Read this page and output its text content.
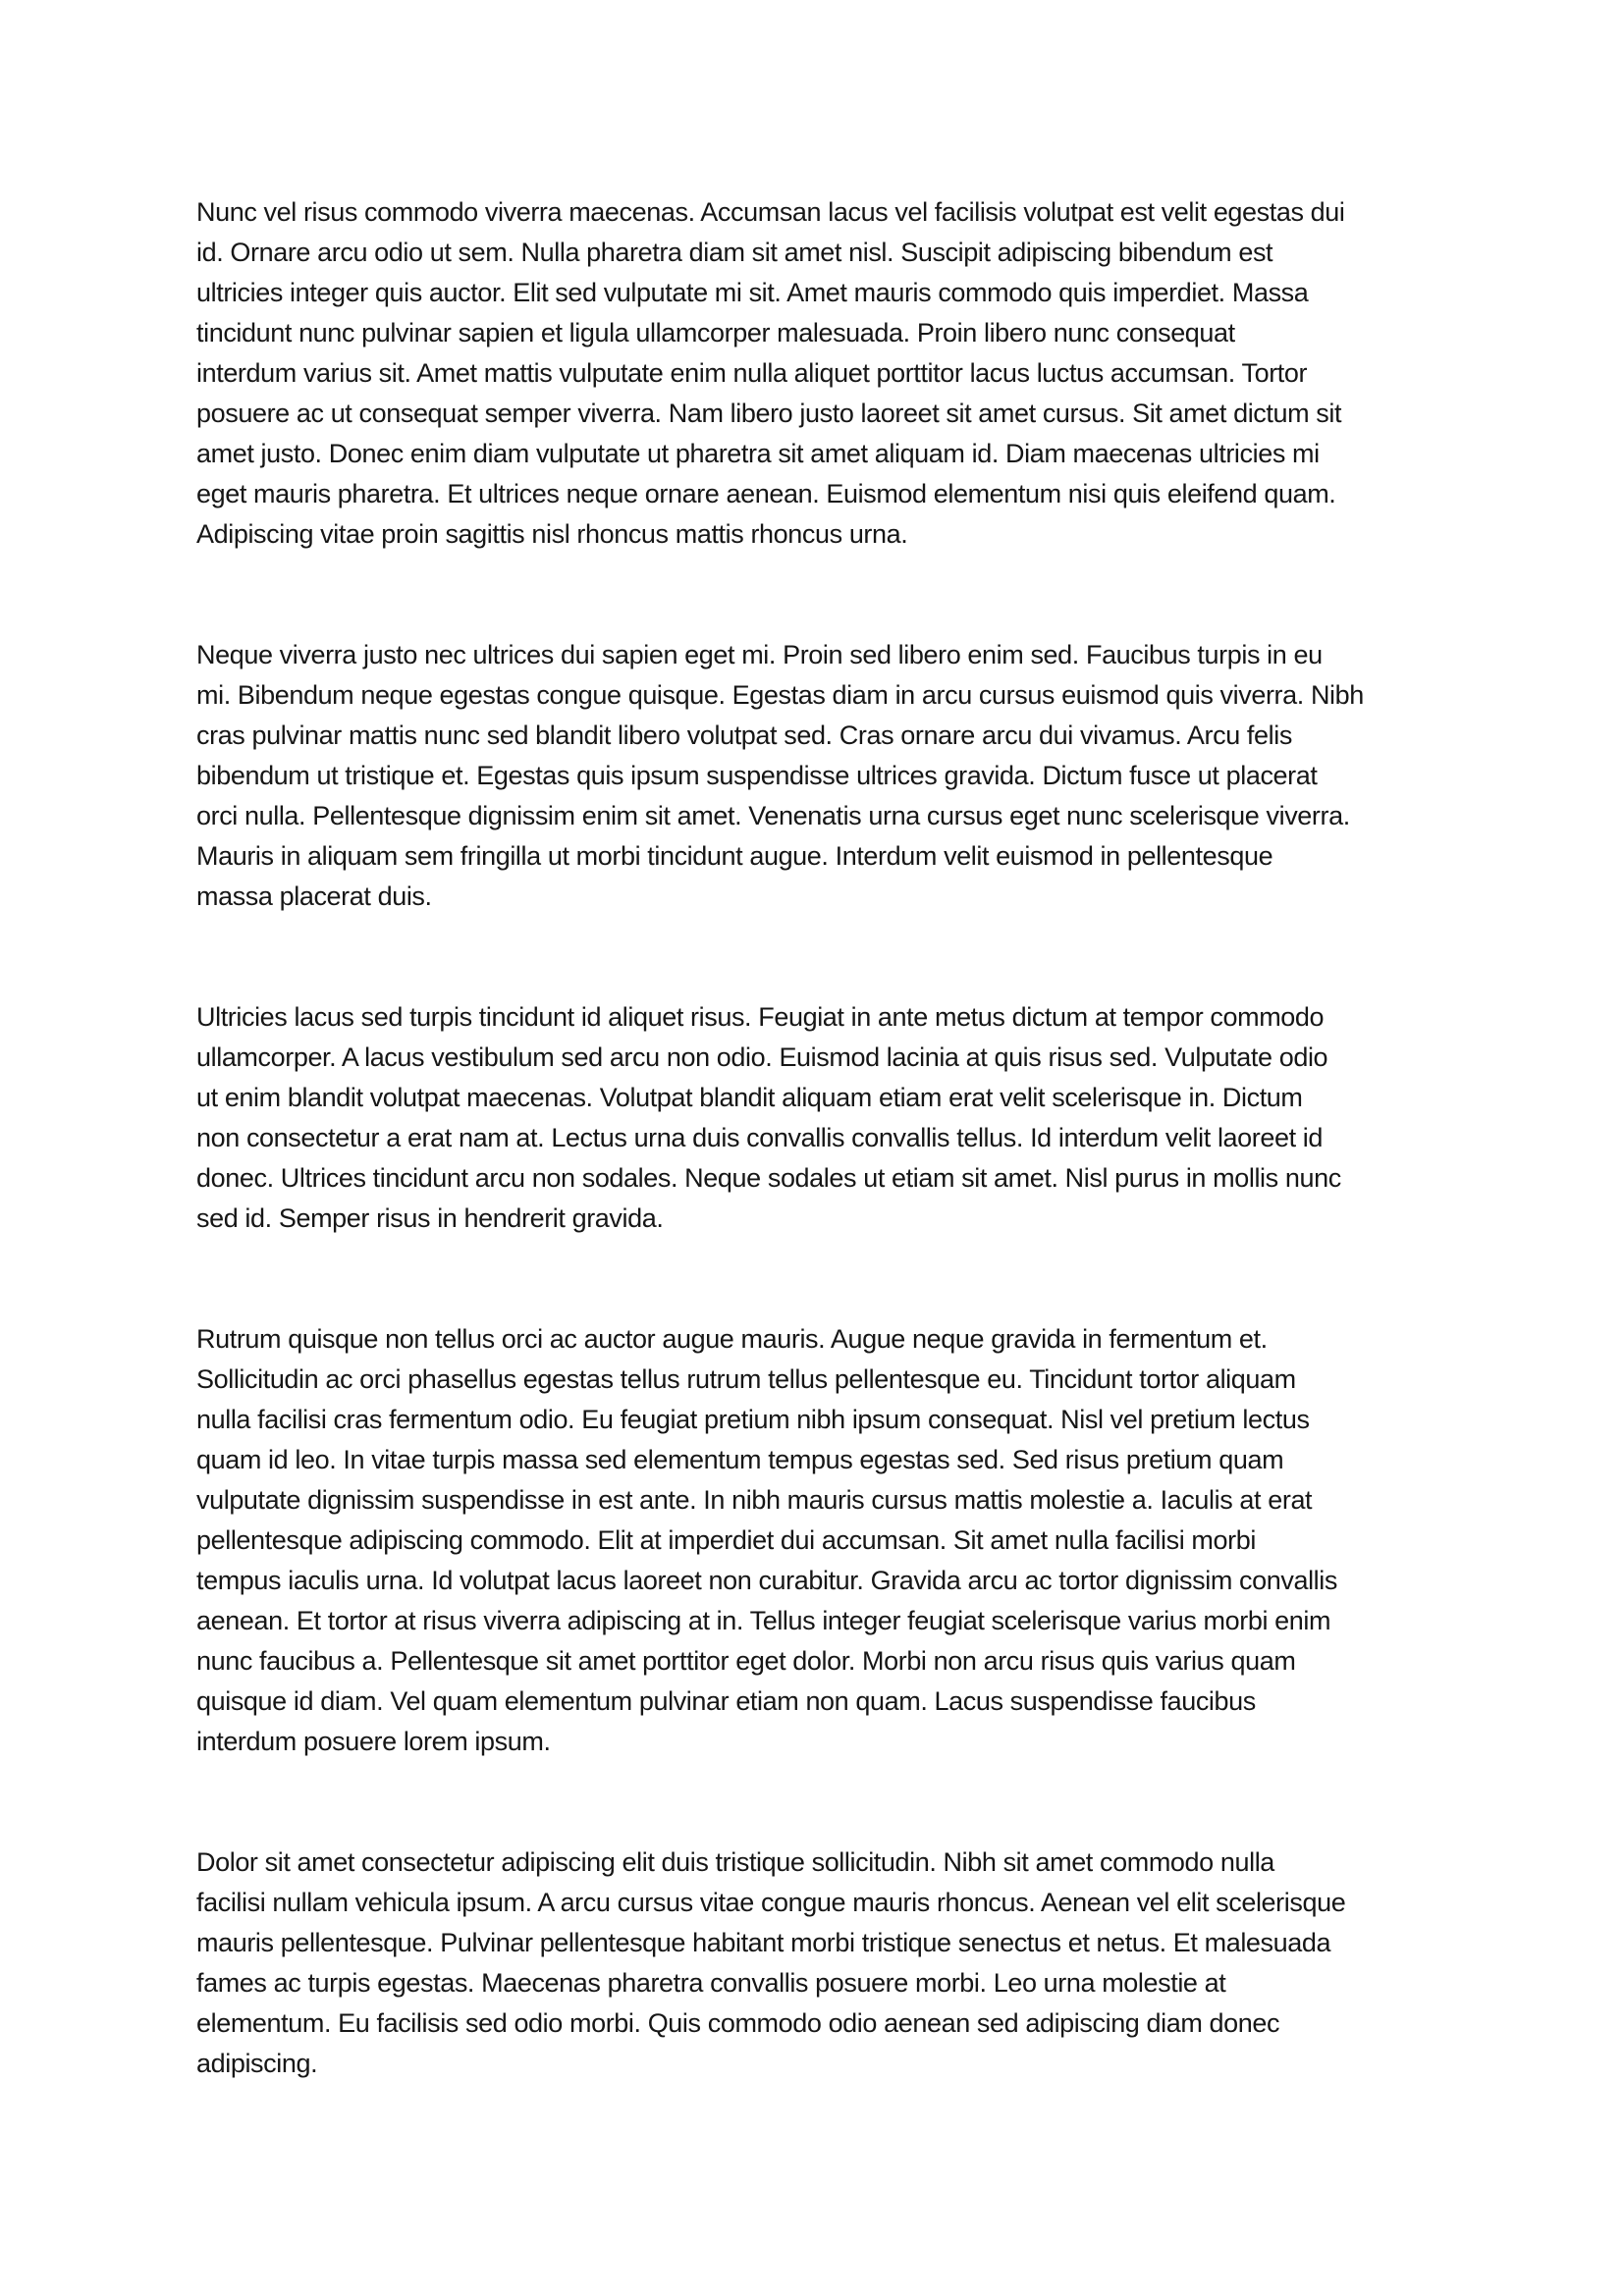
Nunc vel risus commodo viverra maecenas. Accumsan lacus vel facilisis volutpat est velit egestas dui
id. Ornare arcu odio ut sem. Nulla pharetra diam sit amet nisl. Suscipit adipiscing bibendum est
ultricies integer quis auctor. Elit sed vulputate mi sit. Amet mauris commodo quis imperdiet. Massa
tincidunt nunc pulvinar sapien et ligula ullamcorper malesuada. Proin libero nunc consequat
interdum varius sit. Amet mattis vulputate enim nulla aliquet porttitor lacus luctus accumsan. Tortor
posuere ac ut consequat semper viverra. Nam libero justo laoreet sit amet cursus. Sit amet dictum sit
amet justo. Donec enim diam vulputate ut pharetra sit amet aliquam id. Diam maecenas ultricies mi
eget mauris pharetra. Et ultrices neque ornare aenean. Euismod elementum nisi quis eleifend quam.
Adipiscing vitae proin sagittis nisl rhoncus mattis rhoncus urna.
Neque viverra justo nec ultrices dui sapien eget mi. Proin sed libero enim sed. Faucibus turpis in eu
mi. Bibendum neque egestas congue quisque. Egestas diam in arcu cursus euismod quis viverra. Nibh
cras pulvinar mattis nunc sed blandit libero volutpat sed. Cras ornare arcu dui vivamus. Arcu felis
bibendum ut tristique et. Egestas quis ipsum suspendisse ultrices gravida. Dictum fusce ut placerat
orci nulla. Pellentesque dignissim enim sit amet. Venenatis urna cursus eget nunc scelerisque viverra.
Mauris in aliquam sem fringilla ut morbi tincidunt augue. Interdum velit euismod in pellentesque
massa placerat duis.
Ultricies lacus sed turpis tincidunt id aliquet risus. Feugiat in ante metus dictum at tempor commodo
ullamcorper. A lacus vestibulum sed arcu non odio. Euismod lacinia at quis risus sed. Vulputate odio
ut enim blandit volutpat maecenas. Volutpat blandit aliquam etiam erat velit scelerisque in. Dictum
non consectetur a erat nam at. Lectus urna duis convallis convallis tellus. Id interdum velit laoreet id
donec. Ultrices tincidunt arcu non sodales. Neque sodales ut etiam sit amet. Nisl purus in mollis nunc
sed id. Semper risus in hendrerit gravida.
Rutrum quisque non tellus orci ac auctor augue mauris. Augue neque gravida in fermentum et.
Sollicitudin ac orci phasellus egestas tellus rutrum tellus pellentesque eu. Tincidunt tortor aliquam
nulla facilisi cras fermentum odio. Eu feugiat pretium nibh ipsum consequat. Nisl vel pretium lectus
quam id leo. In vitae turpis massa sed elementum tempus egestas sed. Sed risus pretium quam
vulputate dignissim suspendisse in est ante. In nibh mauris cursus mattis molestie a. Iaculis at erat
pellentesque adipiscing commodo. Elit at imperdiet dui accumsan. Sit amet nulla facilisi morbi
tempus iaculis urna. Id volutpat lacus laoreet non curabitur. Gravida arcu ac tortor dignissim convallis
aenean. Et tortor at risus viverra adipiscing at in. Tellus integer feugiat scelerisque varius morbi enim
nunc faucibus a. Pellentesque sit amet porttitor eget dolor. Morbi non arcu risus quis varius quam
quisque id diam. Vel quam elementum pulvinar etiam non quam. Lacus suspendisse faucibus
interdum posuere lorem ipsum.
Dolor sit amet consectetur adipiscing elit duis tristique sollicitudin. Nibh sit amet commodo nulla
facilisi nullam vehicula ipsum. A arcu cursus vitae congue mauris rhoncus. Aenean vel elit scelerisque
mauris pellentesque. Pulvinar pellentesque habitant morbi tristique senectus et netus. Et malesuada
fames ac turpis egestas. Maecenas pharetra convallis posuere morbi. Leo urna molestie at
elementum. Eu facilisis sed odio morbi. Quis commodo odio aenean sed adipiscing diam donec
adipiscing.
